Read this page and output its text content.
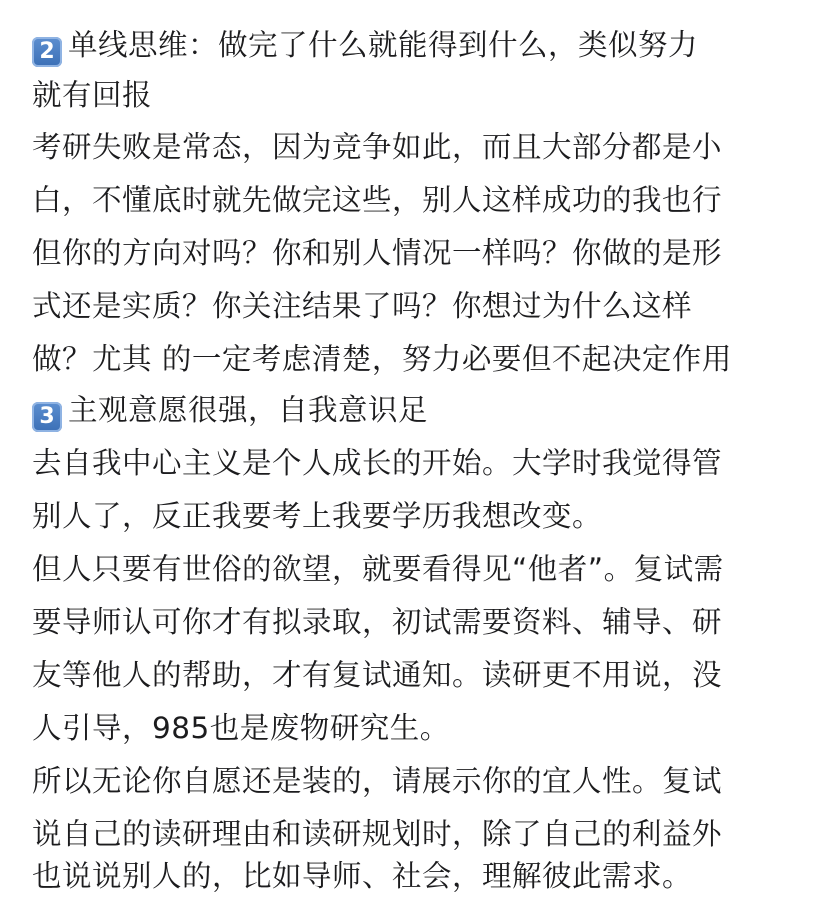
2 单线思维：做完了什么就能得到什么，类似努力
就有回报
考研失败是常态，因为竞争如此，而且大部分都是小
白，不懂底时就先做完这些，别人这样成功的我也行
但你的方向对吗？你和别人情况一样吗？你做的是形
式还是实质？你关注结果了吗？你想过为什么这样
做？尤其 的一定考虑清楚，努力必要但不起决定作用
3 主观意愿很强，自我意识足
去自我中心主义是个人成长的开始。大学时我觉得管
别人了，反正我要考上我要学历我想改变。
但人只要有世俗的欲望，就要看得见“他者”。复试需
要导师认可你才有拟录取，初试需要资料、辅导、研
友等他人的帮助，才有复试通知。读研更不用说，没
人引导，985也是废物研究生。
所以无论你自愿还是装的，请展示你的宜人性。复试
说自己的读研理由和读研规划时，除了自己的利益外
也说说别人的，比如导师、社会，理解彼此需求。
